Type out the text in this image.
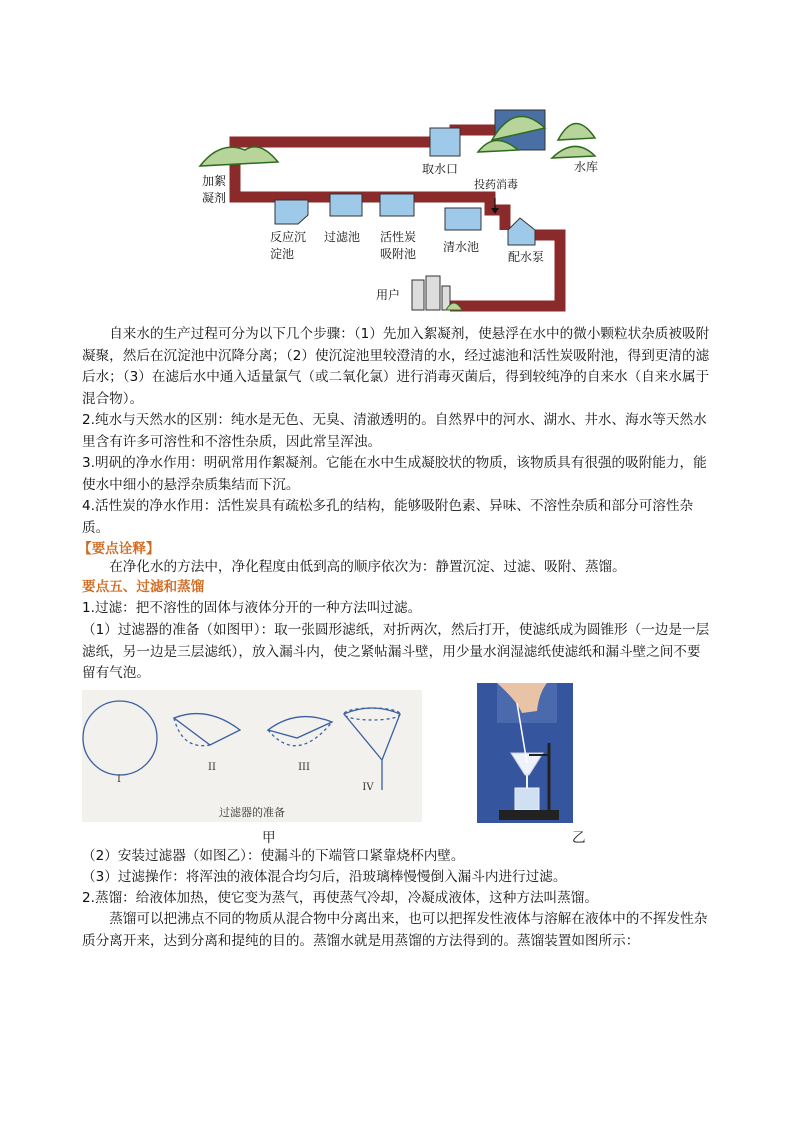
取水口	水库
加絮
凝剂
投药消毒
反应沉
淀池
过滤池 活性炭
吸附池 清水池
配水泵
用户
自来水的生产过程可分为以下几个步骤：（1）先加入絮凝剂，使悬浮在水中的微小颗粒状杂质被吸附凝聚，然后在沉淀池中沉降分离；（2）使沉淀池里较澄清的水，经过滤池和活性炭吸附池，得到更清的滤后水；（3）在滤后水中通入适量氯气（或二氧化氯）进行消毒灭菌后，得到较纯净的自来水（自来水属于混合物）。
2.纯水与天然水的区别：纯水是无色、无臭、清澈透明的。自然界中的河水、湖水、井水、海水等天然水里含有许多可溶性和不溶性杂质，因此常呈浑浊。
3.明矾的净水作用：明矾常用作絮凝剂。它能在水中生成凝胶状的物质，该物质具有很强的吸附能力，能使水中细小的悬浮杂质集结而下沉。
4.活性炭的净水作用：活性炭具有疏松多孔的结构，能够吸附色素、异味、不溶性杂质和部分可溶性杂质。
【要点诠释】
在净化水的方法中，净化程度由低到高的顺序依次为：静置沉淀、过滤、吸附、蒸馏。
要点五、过滤和蒸馏
1.过滤：把不溶性的固体与液体分开的一种方法叫过滤。
（1）过滤器的准备（如图甲）：取一张圆形滤纸，对折两次，然后打开，使滤纸成为圆锥形（一边是一层滤纸，另一边是三层滤纸），放入漏斗内，使之紧帖漏斗壁，用少量水润湿滤纸使滤纸和漏斗壁之间不要留有气泡。
I
II	III
IV
过滤器的准备
甲	乙
（2）安装过滤器（如图乙）：使漏斗的下端管口紧靠烧杯内壁。
（3）过滤操作：将浑浊的液体混合均匀后，沿玻璃棒慢慢倒入漏斗内进行过滤。
2.蒸馏：给液体加热，使它变为蒸气，再使蒸气冷却，冷凝成液体，这种方法叫蒸馏。
蒸馏可以把沸点不同的物质从混合物中分离出来，也可以把挥发性液体与溶解在液体中的不挥发性杂质分离开来，达到分离和提纯的目的。蒸馏水就是用蒸馏的方法得到的。蒸馏装置如图所示：
